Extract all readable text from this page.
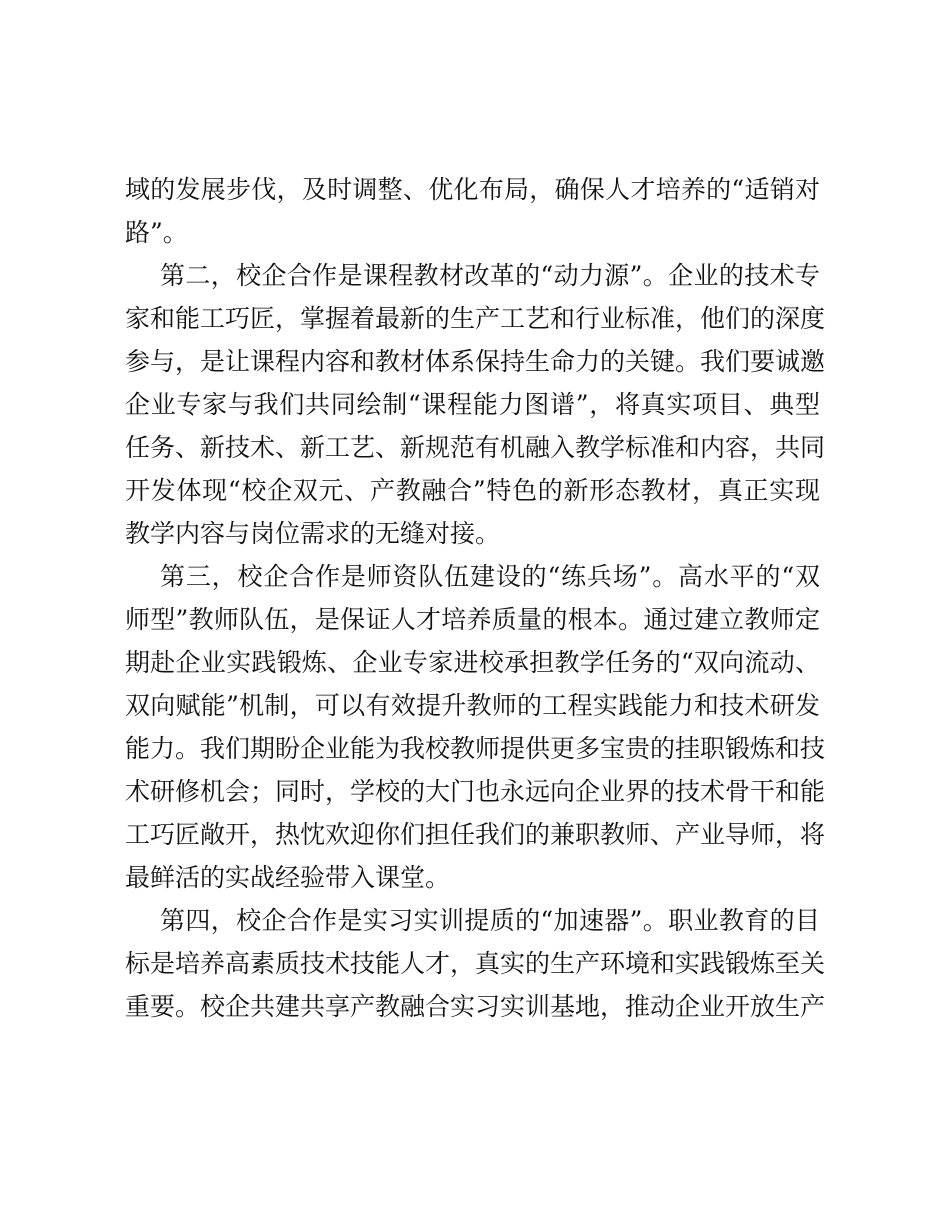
域的发展步伐，及时调整、优化布局，确保人才培养的“适销对
路”。
第二，校企合作是课程教材改革的“动力源”。企业的技术专
家和能工巧匠，掌握着最新的生产工艺和行业标准，他们的深度
参与，是让课程内容和教材体系保持生命力的关键。我们要诚邀
企业专家与我们共同绘制“课程能力图谱”，将真实项目、典型
任务、新技术、新工艺、新规范有机融入教学标准和内容，共同
开发体现“校企双元、产教融合”特色的新形态教材，真正实现
教学内容与岗位需求的无缝对接。
第三，校企合作是师资队伍建设的“练兵场”。高水平的“双
师型”教师队伍，是保证人才培养质量的根本。通过建立教师定
期赴企业实践锻炼、企业专家进校承担教学任务的“双向流动、
双向赋能”机制，可以有效提升教师的工程实践能力和技术研发
能力。我们期盼企业能为我校教师提供更多宝贵的挂职锻炼和技
术研修机会；同时，学校的大门也永远向企业界的技术骨干和能
工巧匠敞开，热忱欢迎你们担任我们的兼职教师、产业导师，将
最鲜活的实战经验带入课堂。
第四，校企合作是实习实训提质的“加速器”。职业教育的目
标是培养高素质技术技能人才，真实的生产环境和实践锻炼至关
重要。校企共建共享产教融合实习实训基地，推动企业开放生产
